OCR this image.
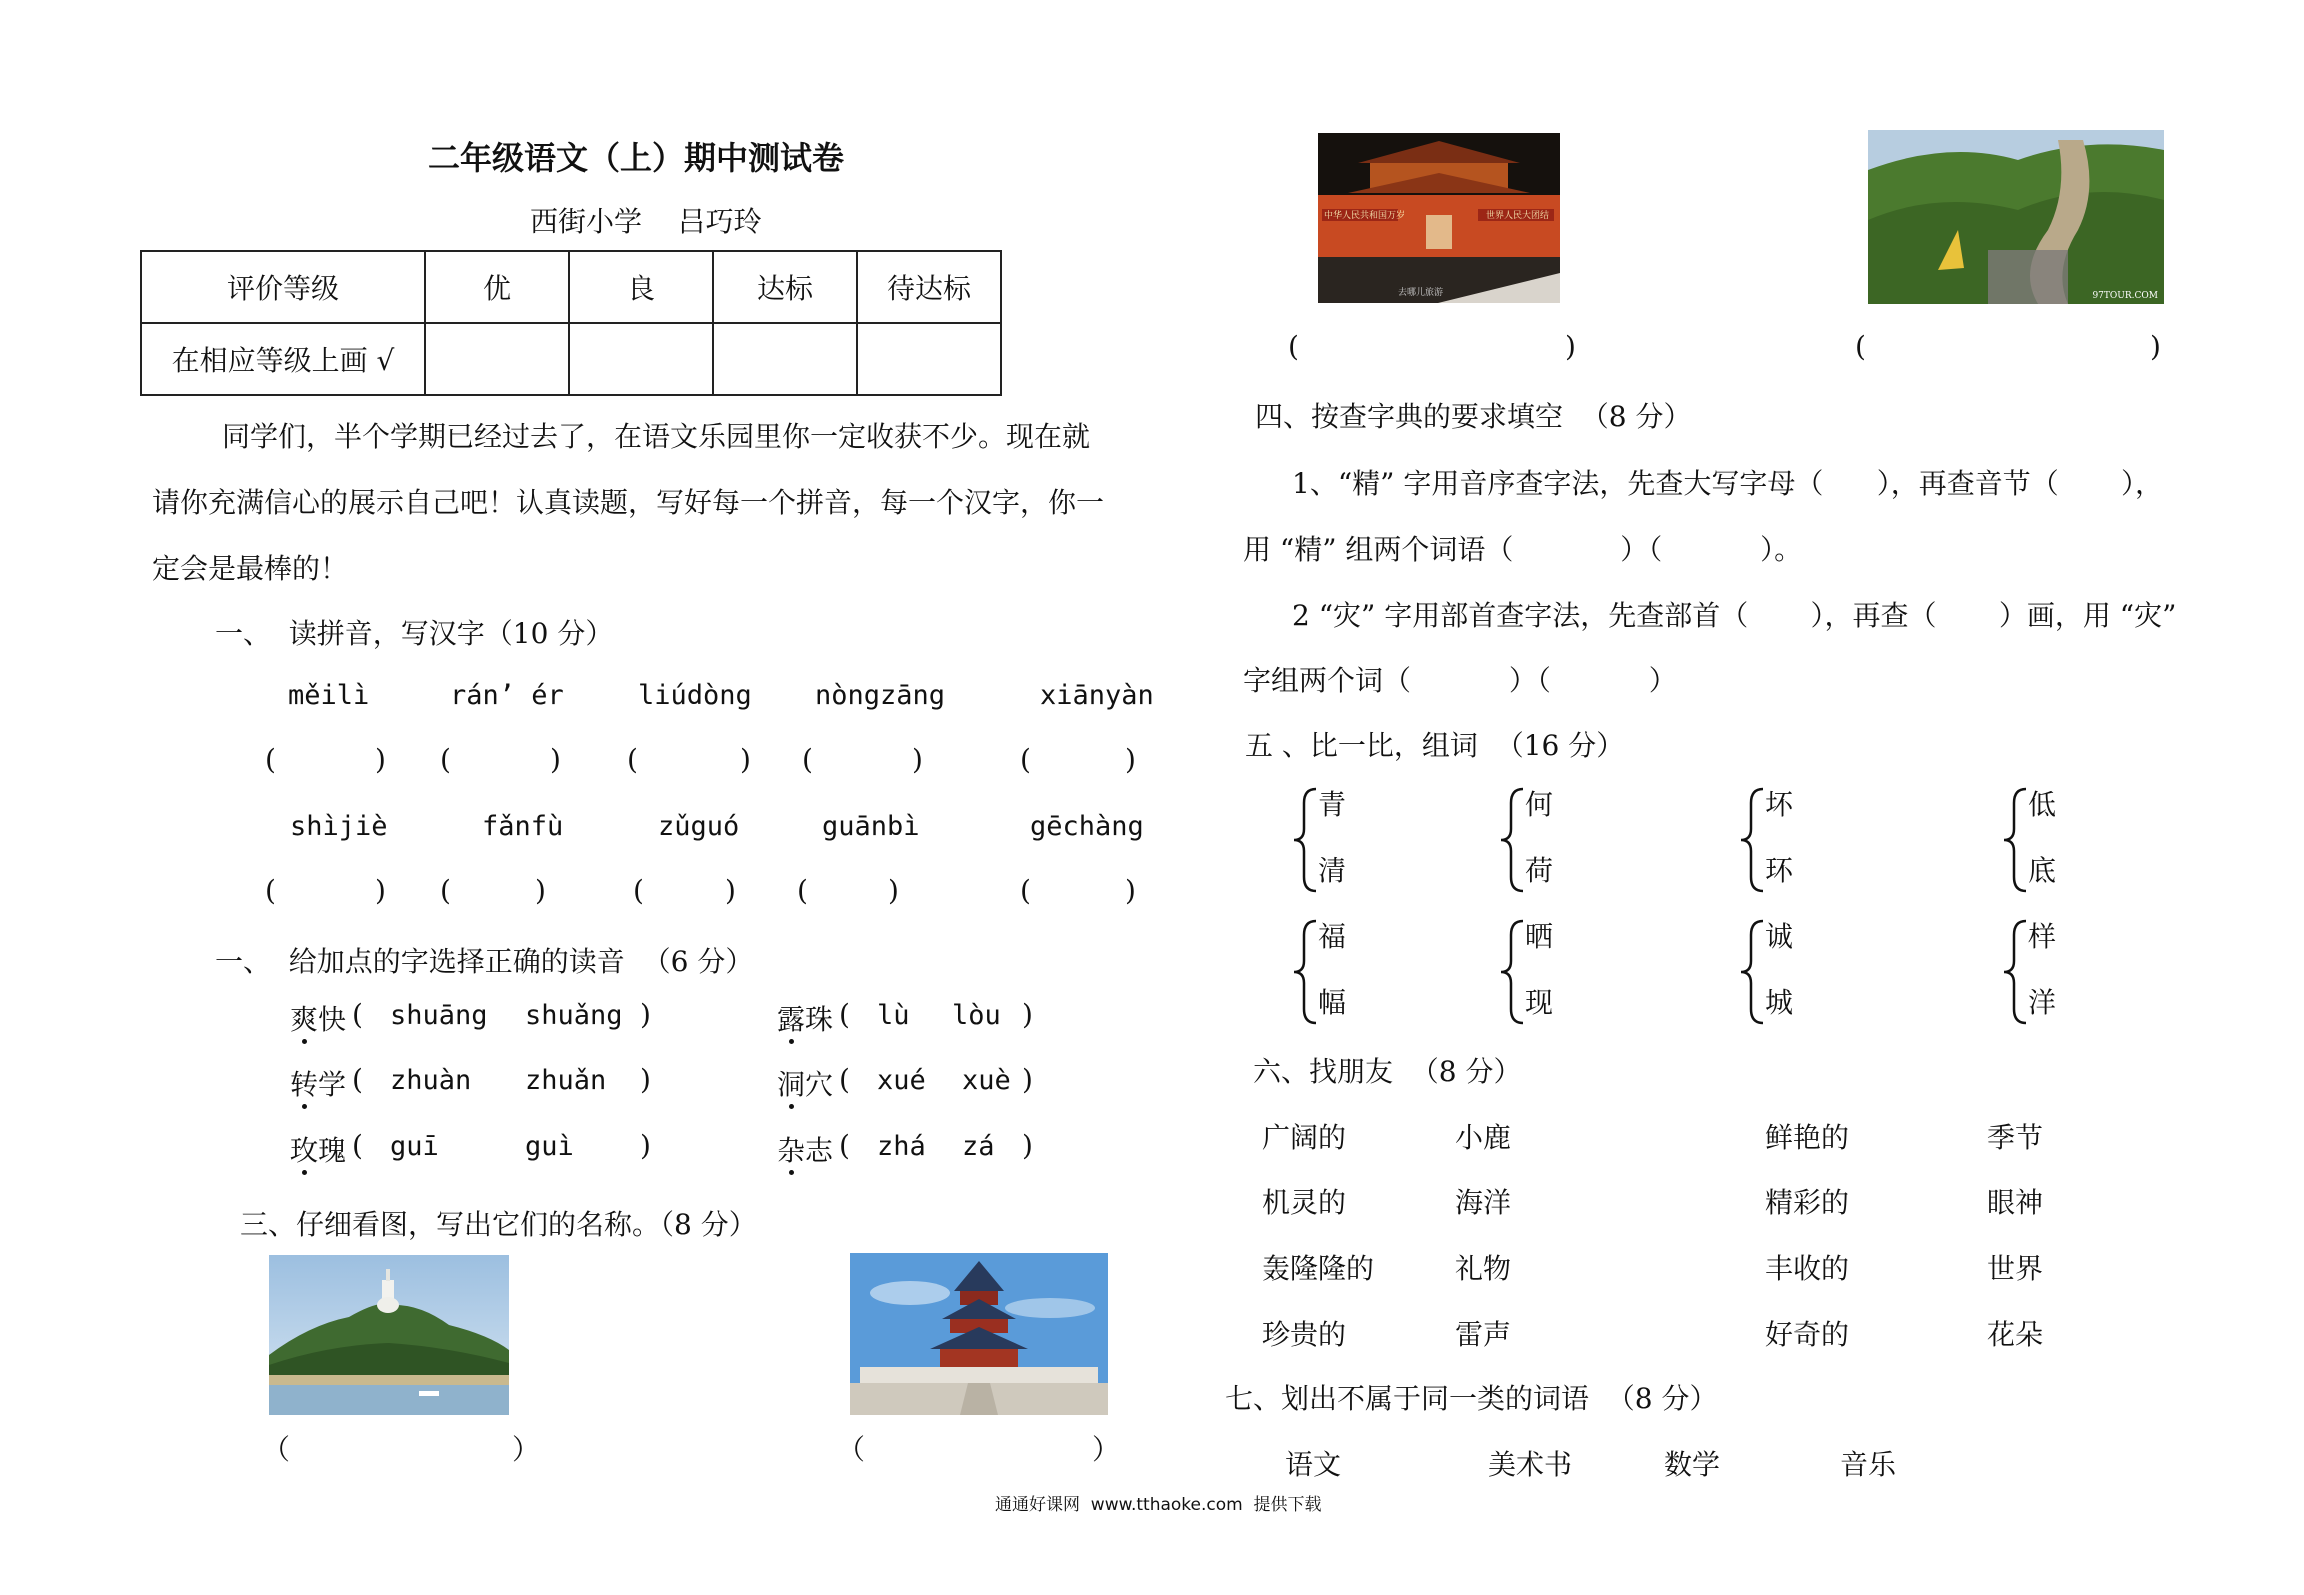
二年级语文（上）期中测试卷
西街小学    吕巧玲
评价等级	优	良	达标	待达标
在相应等级上画 √				
同学们，半个学期已经过去了，在语文乐园里你一定收获不少。现在就
请你充满信心的展示自己吧！认真读题，写好每一个拼音，每一个汉字，你一
定会是最棒的！
一、  读拼音，写汉字（10 分）
měilì	rán’ ér	liúdòng nòngzāng	xiānyàn
(	) (	) (	) (	)	(	)
shìjiè	fǎnfù	zǔguó	guānbì	gēchàng
(	) (	)	(	) (	)	(	)
一、  给加点的字选择正确的读音  （6 分）
爽快 ( shuāng shuǎng )
转学 ( zhuàn zhuǎn )
玫瑰 ( guī	guì )
露珠 ( lù lòu )
洞穴 ( xué xuè )
杂志 ( zhá zá )
三、仔细看图，写出它们的名称。（8 分）
（	）	（	）
中华人民共和国万岁	世界人民大团结
去哪儿旅游
(	)
97TOUR.COM
(	)
四、按查字典的要求填空  （8 分）
1、“精” 字用音序查字法，先查大写字母（      ），再查音节（       ），
用 “精” 组两个词语（            ）（           ）。
2 “灾” 字用部首查字法，先查部首（       ），再查（       ）画，用 “灾”
字组两个词（           ）（           ）
五 、比一比，组词  （16 分）
青
清
何
荷
坏
环
低
底
福
幅
晒
现
诚
城
样
洋
六、找朋友  （8 分）
广阔的	小鹿	鲜艳的	季节
机灵的	海洋	精彩的	眼神
轰隆隆的	礼物	丰收的	世界
珍贵的	雷声	好奇的	花朵
七、划出不属于同一类的词语  （8 分）
语文	美术书	数学	音乐
通通好课网  www.tthaoke.com  提供下载
